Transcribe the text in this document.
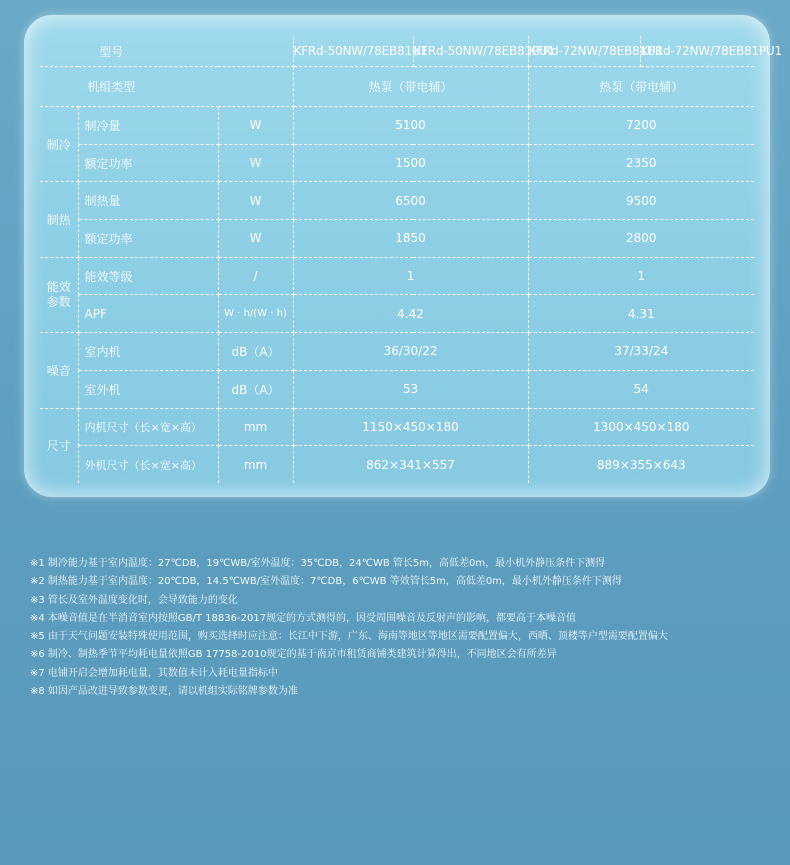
型号			KFRd-50NW/78EB81U1	KFRd-50NW/78EB81PU1	KFRd-72NW/78EB81U1	KFRd-72NW/78EB81PU1
机组类型			热泵（带电辅）		热泵（带电辅）	
制冷	制冷量	W	5100		7200	
	额定功率	W	1500		2350	
制热	制热量	W	6500		9500	
	额定功率	W	1850		2800	
能效参数	能效等级	/	1		1	
	APF	W · h/(W · h)	4.42		4.31	
噪音	室内机	dB（A）	36/30/22		37/33/24	
	室外机	dB（A）	53		54	
尺寸	内机尺寸（长×宽×高）	mm	1150×450×180		1300×450×180	
	外机尺寸（长×宽×高）	mm	862×341×557		889×355×643	
※1 制冷能力基于室内温度：27℃DB，19℃WB/室外温度：35℃DB，24℃WB 管长5m，高低差0m，最小机外静压条件下测得
※2 制热能力基于室内温度：20℃DB，14.5℃WB/室外温度：7℃DB，6℃WB 等效管长5m，高低差0m，最小机外静压条件下测得
※3 管长及室外温度变化时，会导致能力的变化
※4 本噪音值是在半消音室内按照GB/T 18836-2017规定的方式测得的，因受周围噪音及反射声的影响，都要高于本噪音值
※5 由于天气问题安装特殊使用范围，购买选择时应注意：长江中下游，广东、海南等地区等地区需要配置偏大，西晒、顶楼等户型需要配置偏大
※6 制冷、制热季节平均耗电量依照GB 17758-2010规定的基于南京市租赁商铺类建筑计算得出，不同地区会有所差异
※7 电铺开启会增加耗电量，其数值未计入耗电量指标中
※8 如因产品改进导致参数变更，请以机组实际铭牌参数为准
